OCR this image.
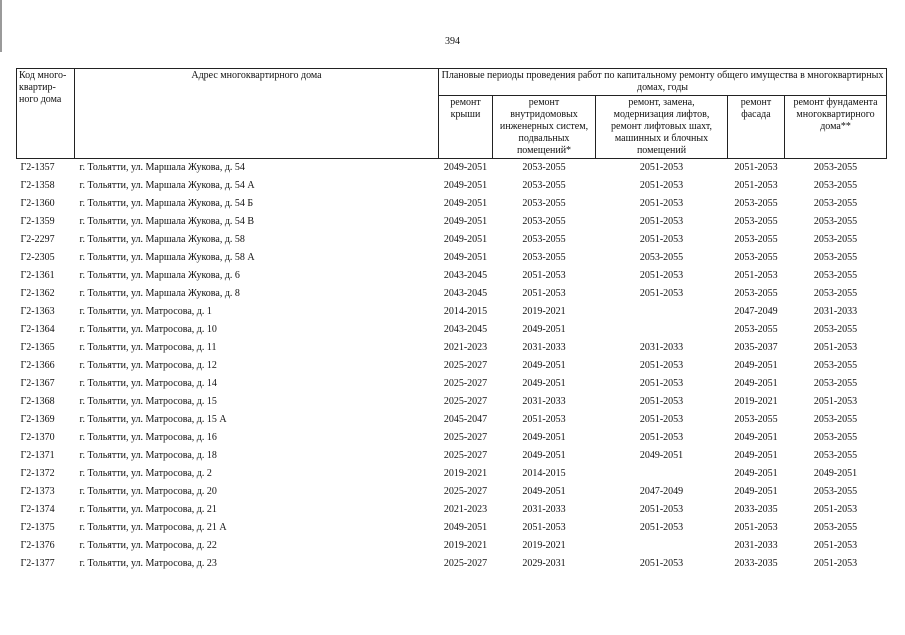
394
Код много-квартир-ного дома	Адрес многоквартирного дома	Плановые периоды проведения работ по капитальному ремонту общего имущества в многоквартирных домах, годы				
		ремонт крыши	ремонт внутридомовых инженерных систем, подвальных помещений*	ремонт, замена, модернизация лифтов, ремонт лифтовых шахт, машинных и блочных помещений	ремонт фасада	ремонт фундамента многоквартирного дома**
Г2-1357	г. Тольятти, ул. Маршала Жукова, д. 54	2049-2051	2053-2055	2051-2053	2051-2053	2053-2055
Г2-1358	г. Тольятти, ул. Маршала Жукова, д. 54 А	2049-2051	2053-2055	2051-2053	2051-2053	2053-2055
Г2-1360	г. Тольятти, ул. Маршала Жукова, д. 54 Б	2049-2051	2053-2055	2051-2053	2053-2055	2053-2055
Г2-1359	г. Тольятти, ул. Маршала Жукова, д. 54 В	2049-2051	2053-2055	2051-2053	2053-2055	2053-2055
Г2-2297	г. Тольятти, ул. Маршала Жукова, д. 58	2049-2051	2053-2055	2051-2053	2053-2055	2053-2055
Г2-2305	г. Тольятти, ул. Маршала Жукова, д. 58 А	2049-2051	2053-2055	2053-2055	2053-2055	2053-2055
Г2-1361	г. Тольятти, ул. Маршала Жукова, д. 6	2043-2045	2051-2053	2051-2053	2051-2053	2053-2055
Г2-1362	г. Тольятти, ул. Маршала Жукова, д. 8	2043-2045	2051-2053	2051-2053	2053-2055	2053-2055
Г2-1363	г. Тольятти, ул. Матросова, д. 1	2014-2015	2019-2021		2047-2049	2031-2033
Г2-1364	г. Тольятти, ул. Матросова, д. 10	2043-2045	2049-2051		2053-2055	2053-2055
Г2-1365	г. Тольятти, ул. Матросова, д. 11	2021-2023	2031-2033	2031-2033	2035-2037	2051-2053
Г2-1366	г. Тольятти, ул. Матросова, д. 12	2025-2027	2049-2051	2051-2053	2049-2051	2053-2055
Г2-1367	г. Тольятти, ул. Матросова, д. 14	2025-2027	2049-2051	2051-2053	2049-2051	2053-2055
Г2-1368	г. Тольятти, ул. Матросова, д. 15	2025-2027	2031-2033	2051-2053	2019-2021	2051-2053
Г2-1369	г. Тольятти, ул. Матросова, д. 15 А	2045-2047	2051-2053	2051-2053	2053-2055	2053-2055
Г2-1370	г. Тольятти, ул. Матросова, д. 16	2025-2027	2049-2051	2051-2053	2049-2051	2053-2055
Г2-1371	г. Тольятти, ул. Матросова, д. 18	2025-2027	2049-2051	2049-2051	2049-2051	2053-2055
Г2-1372	г. Тольятти, ул. Матросова, д. 2	2019-2021	2014-2015		2049-2051	2049-2051
Г2-1373	г. Тольятти, ул. Матросова, д. 20	2025-2027	2049-2051	2047-2049	2049-2051	2053-2055
Г2-1374	г. Тольятти, ул. Матросова, д. 21	2021-2023	2031-2033	2051-2053	2033-2035	2051-2053
Г2-1375	г. Тольятти, ул. Матросова, д. 21 А	2049-2051	2051-2053	2051-2053	2051-2053	2053-2055
Г2-1376	г. Тольятти, ул. Матросова, д. 22	2019-2021	2019-2021		2031-2033	2051-2053
Г2-1377	г. Тольятти, ул. Матросова, д. 23	2025-2027	2029-2031	2051-2053	2033-2035	2051-2053
